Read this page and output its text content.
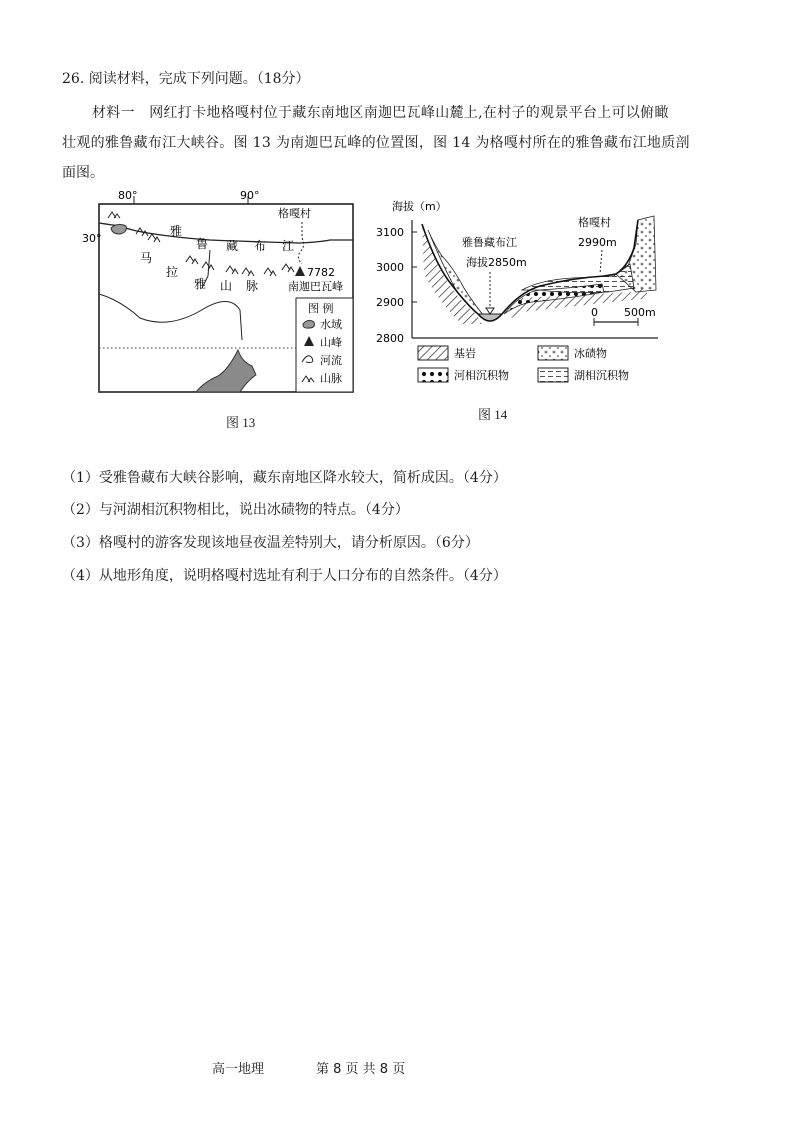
26. 阅读材料，完成下列问题。（18分）
材料一　网红打卡地格嘎村位于藏东南地区南迦巴瓦峰山麓上,在村子的观景平台上可以俯瞰
壮观的雅鲁藏布江大峡谷。图 13 为南迦巴瓦峰的位置图，图 14 为格嘎村所在的雅鲁藏布江地质剖
面图。
80°	90°
30°
格嘎村
雅
鲁 藏 布 江
马
拉
雅 山 脉
7782
南迦巴瓦峰
图 例
水域
山峰
河流
山脉
图 13
海拔（m）
3100
3000
2900
2800
雅鲁藏布江
海拔2850m
格嘎村
2990m
0 500m
基岩	冰碛物
河相沉积物	湖相沉积物
图 14
（1）受雅鲁藏布大峡谷影响，藏东南地区降水较大，简析成因。（4分）
（2）与河湖相沉积物相比，说出冰碛物的特点。（4分）
（3）格嘎村的游客发现该地昼夜温差特别大，请分析原因。（6分）
（4）从地形角度，说明格嘎村选址有利于人口分布的自然条件。（4分）
高一地理	第 8 页 共 8 页
